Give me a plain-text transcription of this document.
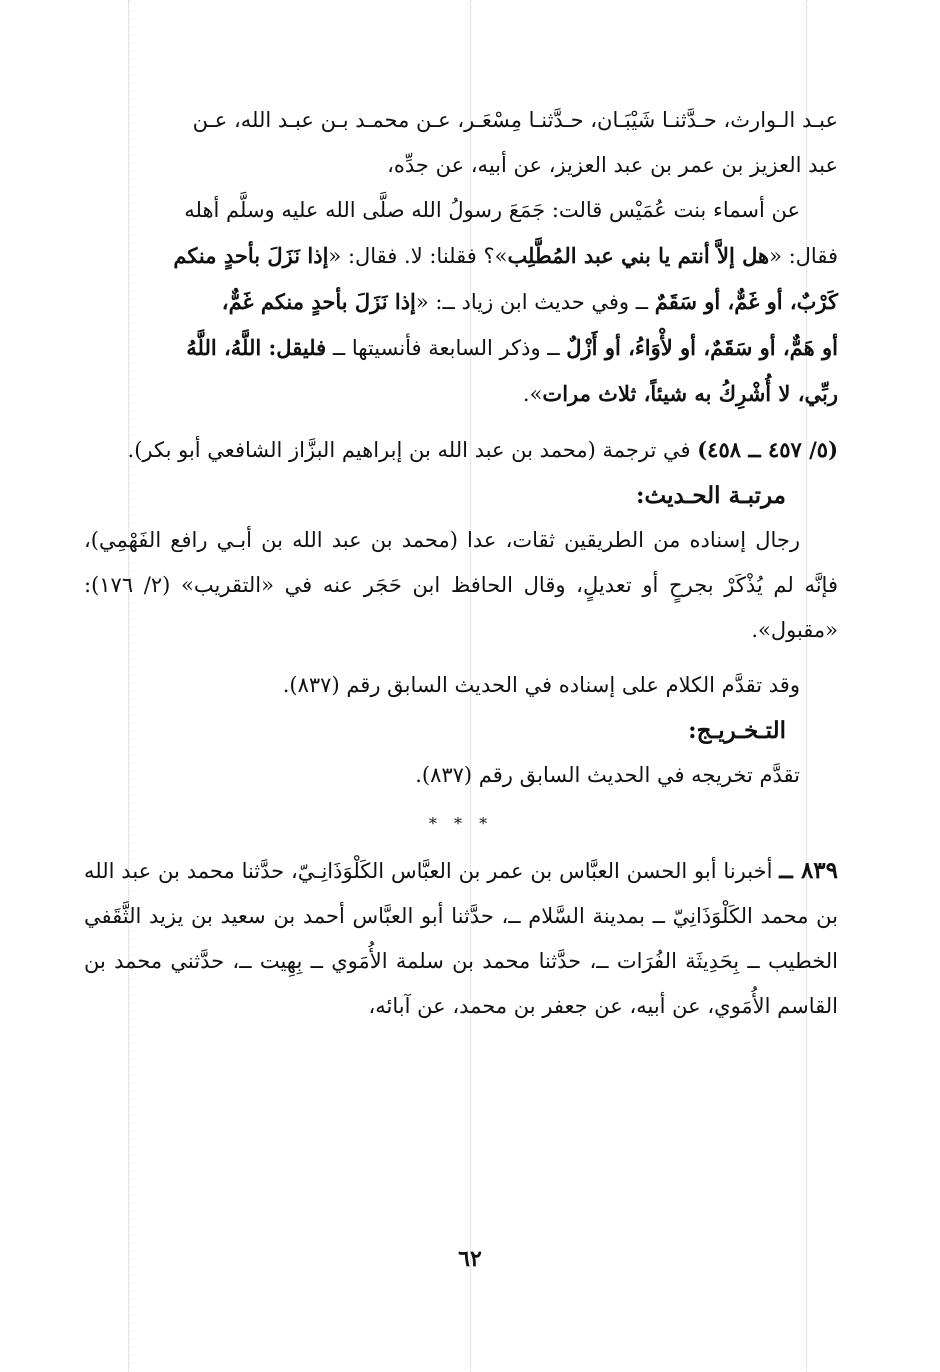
عبـد الـوارث، حـدَّثنـا شَيْبَـان، حـدَّثنـا مِسْعَـر، عـن محمـد بـن عبـد الله، عـن
عبد العزيز بن عمر بن عبد العزيز، عن أبيه، عن جدِّه،

عن أسماء بنت عُمَيْس قالت: جَمَعَ رسولُ الله صلَّى الله عليه وسلَّم أهله
فقال: «هل إلاَّ أنتم يا بني عبد المُطَّلِب»؟ فقلنا: لا. فقال: «إذا نَزَلَ بأحدٍ منكم
كَرْبٌ، أو غَمٌّ، أو سَقَمٌ ــ وفي حديث ابن زياد ــ: «إذا نَزَلَ بأحدٍ منكم غَمٌّ،
أو هَمٌّ، أو سَقَمٌ، أو لأْوَاءُ، أو أَزْلٌ ــ وذكر السابعة فأنسيتها ــ فليقل: اللَّهُ، اللَّهُ
ربِّي، لا أُشْرِكُ به شيئاً، ثلاث مرات».

(٥/ ٤٥٧ ــ ٤٥٨) في ترجمة (محمد بن عبد الله بن إبراهيم البزَّاز الشافعي أبو بكر).

مرتبـة الحـديث:

رجال إسناده من الطريقين ثقات، عدا (محمد بن عبد الله بن أبـي رافع الفَهْمِي)، فإنَّه لم يُذْكَرْ بجرحٍ أو تعديلٍ، وقال الحافظ ابن حَجَر عنه في «التقريب» (٢/ ١٧٦): «مقبول».

وقد تقدَّم الكلام على إسناده في الحديث السابق رقم (٨٣٧).

التـخـريـج:

تقدَّم تخريجه في الحديث السابق رقم (٨٣٧).

* * *

٨٣٩ ــ أخبرنا أبو الحسن العبَّاس بن عمر بن العبَّاس الكَلْوَذَانِـيّ، حدَّثنا محمد بن عبد الله بن محمد الكَلْوَذَانِيّ ــ بمدينة السَّلام ــ، حدَّثنا أبو العبَّاس أحمد بن سعيد بن يزيد الثَّقَفي الخطيب ــ بِحَدِيثَة الفُرَات ــ، حدَّثنا محمد بن سلمة الأُمَوي ــ بِهِيت ــ، حدَّثني محمد بن القاسم الأُمَوي، عن أبيه، عن جعفر بن محمد، عن آبائه،

٦٢
